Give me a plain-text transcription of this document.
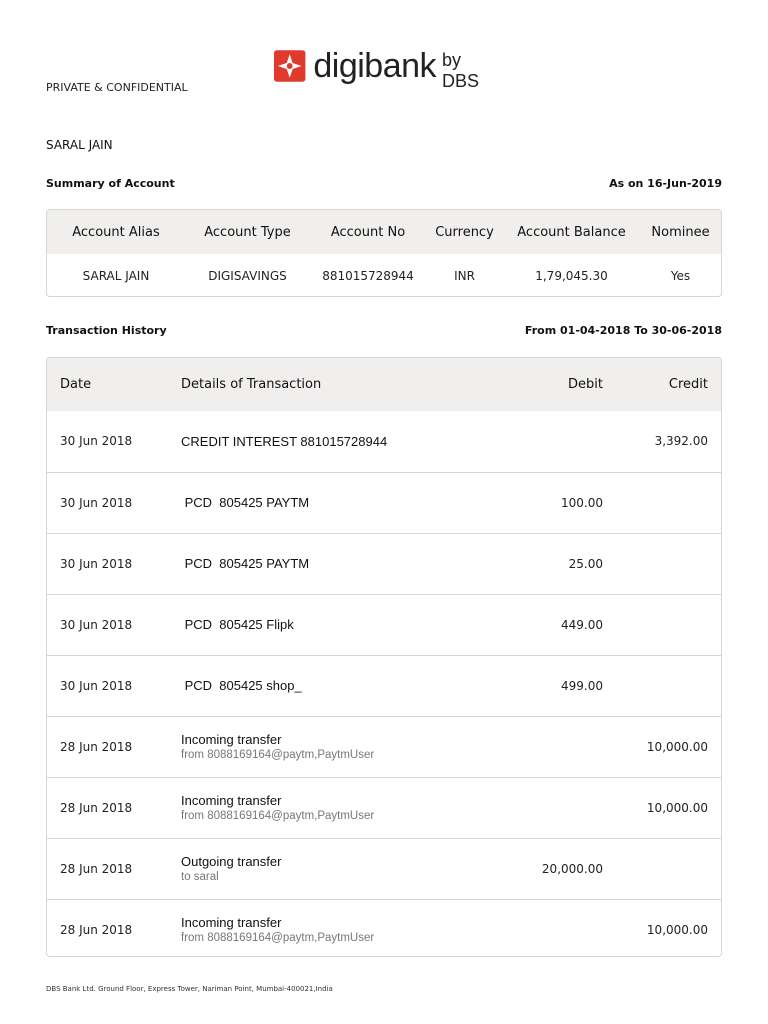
digibank by DBS
PRIVATE & CONFIDENTIAL
SARAL JAIN
Summary of Account	As on 16-Jun-2019
Account Alias	Account Type	Account No	Currency	Account Balance	Nominee
SARAL JAIN	DIGISAVINGS	881015728944	INR	1,79,045.30	Yes
Transaction History	From 01-04-2018 To 30-06-2018
Date	Details of Transaction	Debit	Credit
30 Jun 2018	CREDIT INTEREST 881015728944		3,392.00
30 Jun 2018	PCD  805425 PAYTM	100.00	
30 Jun 2018	PCD  805425 PAYTM	25.00	
30 Jun 2018	PCD  805425 Flipk	449.00	
30 Jun 2018	PCD  805425 shop_	499.00	
28 Jun 2018	Incoming transfer
from 8088169164@paytm,PaytmUser		10,000.00
28 Jun 2018	Incoming transfer
from 8088169164@paytm,PaytmUser		10,000.00
28 Jun 2018	Outgoing transfer
to saral	20,000.00	
28 Jun 2018	Incoming transfer
from 8088169164@paytm,PaytmUser		10,000.00
DBS Bank Ltd. Ground Floor, Express Tower, Nariman Point, Mumbai-400021,India
